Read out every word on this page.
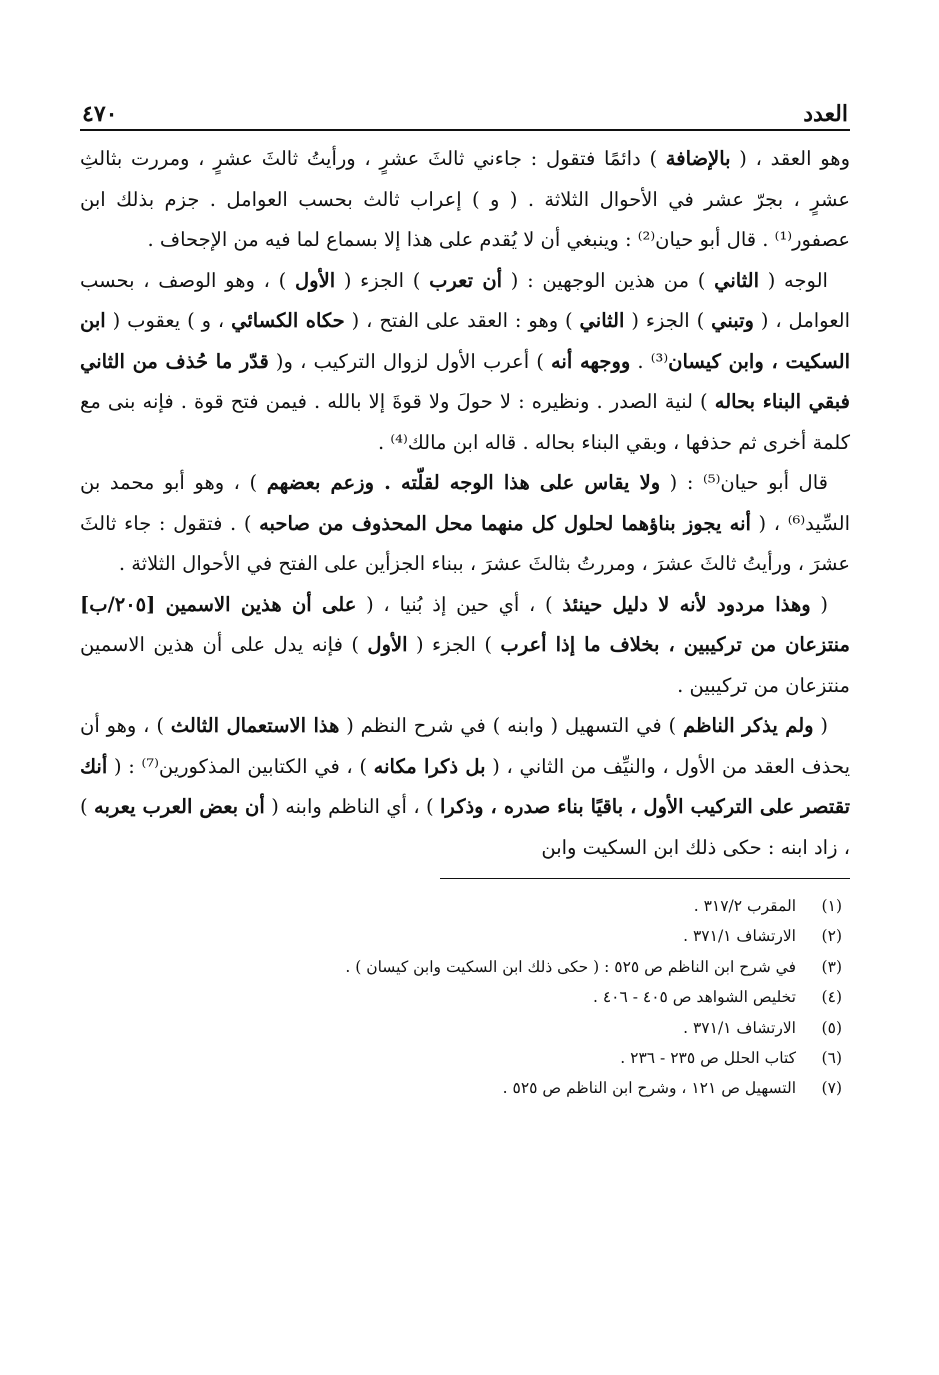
العدد
٤٧٠

وهو العقد ، ( بالإضافة ) دائمًا فتقول : جاءني ثالثَ عشرٍ ، ورأيتُ ثالثَ عشرٍ ، ومررت بثالثِ عشرٍ ، بجرّ عشر في الأحوال الثلاثة . ( و ) إعراب ثالث بحسب العوامل . جزم بذلك ابن عصفور⁽¹⁾ . قال أبو حيان⁽²⁾ : وينبغي أن لا يُقدم على هذا إلا بسماع لما فيه من الإجحاف .

الوجه ( الثاني ) من هذين الوجهين : ( أن تعرب ) الجزء ( الأول ) ، وهو الوصف ، بحسب العوامل ، ( وتبني ) الجزء ( الثاني ) وهو : العقد على الفتح ، ( حكاه الكسائي ، و ) يعقوب ( ابن السكيت ، وابن كيسان⁽³⁾ . ووجهه أنه ) أعرب الأول لزوال التركيب ، و( قدّر ما حُذف من الثاني فبقي البناء بحاله ) لنية الصدر . ونظيره : لا حولَ ولا قوةَ إلا بالله . فيمن فتح قوة . فإنه بنى مع كلمة أخرى ثم حذفها ، وبقي البناء بحاله . قاله ابن مالك⁽⁴⁾ .

قال أبو حيان⁽⁵⁾ : ( ولا يقاس على هذا الوجه لقلّته . وزعم بعضهم ) ، وهو أبو محمد بن السِّيد⁽⁶⁾ ، ( أنه يجوز بناؤهما لحلول كل منهما محل المحذوف من صاحبه ) . فتقول : جاء ثالثَ عشرَ ، ورأيتُ ثالثَ عشرَ ، ومررتُ بثالثَ عشرَ ، ببناء الجزأين على الفتح في الأحوال الثلاثة .

( وهذا مردود لأنه لا دليل حينئذ ) ، أي حين إذ بُنيا ، ( على أن هذين الاسمين [٢٠٥/ب] منتزعان من تركيبين ، بخلاف ما إذا أعرب ) الجزء ( الأول ) فإنه يدل على أن هذين الاسمين منتزعان من تركيبين .

( ولم يذكر الناظم ) في التسهيل ( وابنه ) في شرح النظم ( هذا الاستعمال الثالث ) ، وهو أن يحذف العقد من الأول ، والنيِّف من الثاني ، ( بل ذكرا مكانه ) ، في الكتابين المذكورين⁽⁷⁾ : ( أنك تقتصر على التركيب الأول ، باقيًا بناء صدره ، وذكرا ) ، أي الناظم وابنه ( أن بعض العرب يعربه ) ، زاد ابنه : حكى ذلك ابن السكيت وابن

(١)
المقرب ٣١٧/٢ .
(٢)
الارتشاف ٣٧١/١ .
(٣)
في شرح ابن الناظم ص ٥٢٥ : ( حكى ذلك ابن السكيت وابن كيسان ) .
(٤)
تخليص الشواهد ص ٤٠٥ - ٤٠٦ .
(٥)
الارتشاف ٣٧١/١ .
(٦)
كتاب الحلل ص ٢٣٥ - ٢٣٦ .
(٧)
التسهيل ص ١٢١ ، وشرح ابن الناظم ص ٥٢٥ .
